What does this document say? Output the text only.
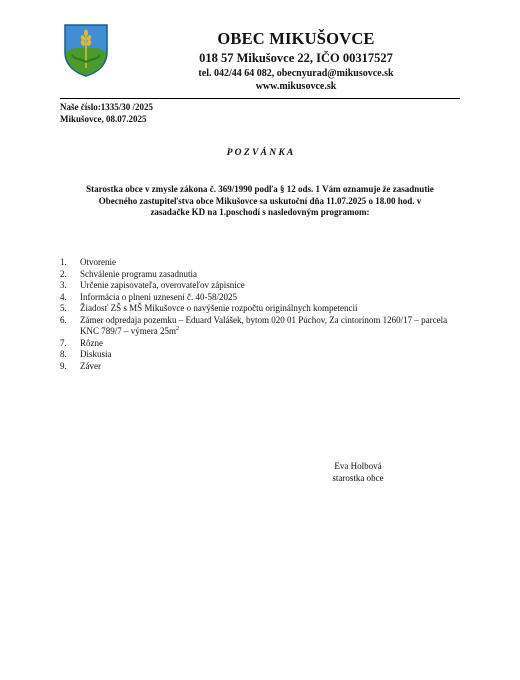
OBEC MIKUŠOVCE
018 57 Mikušovce 22, IČO 00317527
tel. 042/44 64 082, obecnyurad@mikusovce.sk
www.mikusovce.sk
Naše číslo:1335/30 /2025
Mikušovce, 08.07.2025
P O Z V Á N K A
Starostka obce v zmysle zákona č. 369/1990 podľa § 12 ods. 1 Vám oznamuje že zasadnutie Obecného zastupiteľstva obce Mikušovce sa uskutoční dňa 11.07.2025 o 18.00 hod. v zasadačke KD na 1.poschodí s nasledovným programom:
1.	Otvorenie
2.	Schválenie programu zasadnutia
3.	Určenie zapisovateľa, overovateľov zápisnice
4.	Informácia o plnení uznesení č. 40-58/2025
5.	Žiadosť ZŠ s MŠ Mikušovce o navýšenie rozpočtu originálnych kompetencií
6.	Zámer odpredaja pozemku – Eduard Valášek, bytom 020 01 Púchov, Za cintorínom 1260/17 – parcela KNC 789/7 – výmera $25m^2$
7.	Rôzne
8.	Diskusia
9.	Záver
Eva Holbová
starostka obce
